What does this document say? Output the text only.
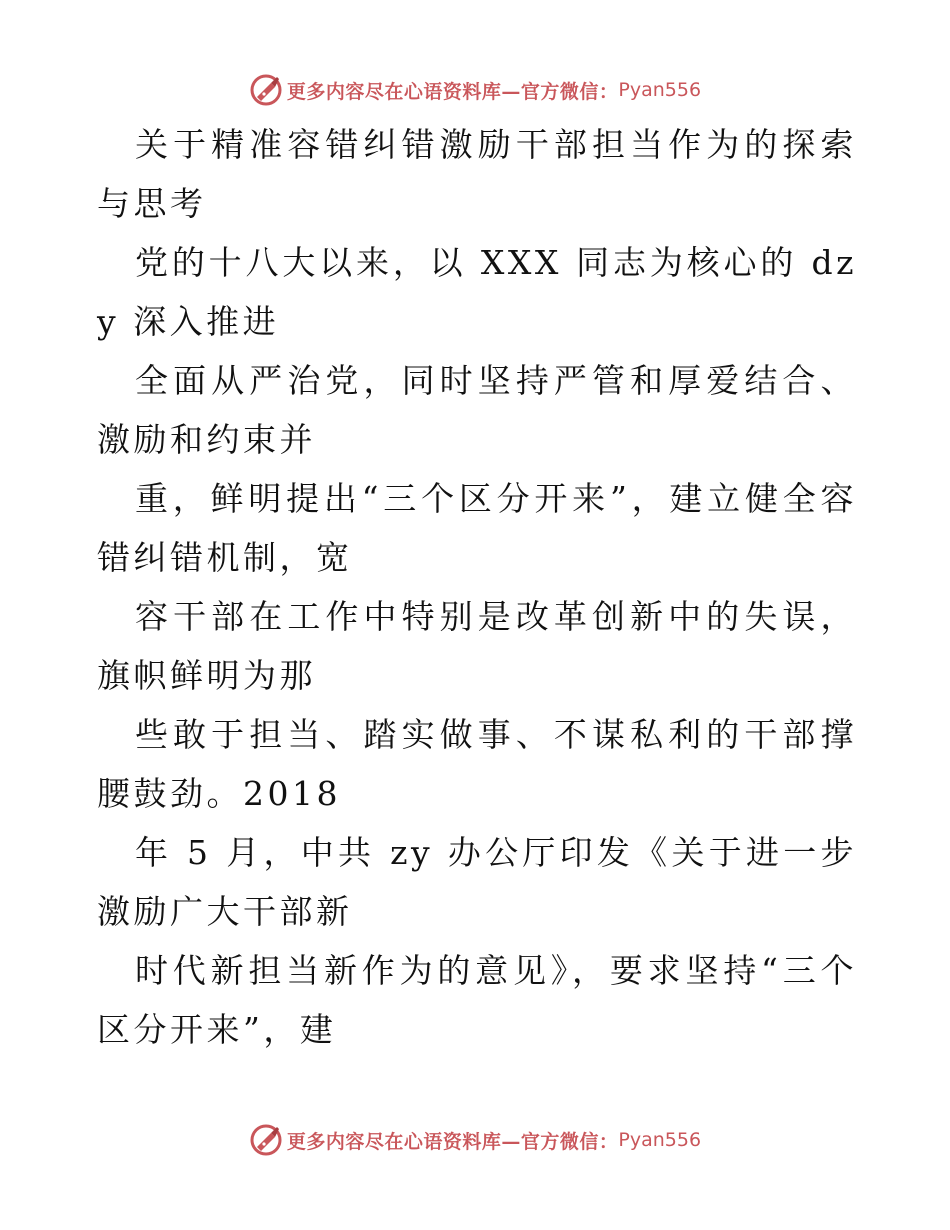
更多内容尽在心语资料库—官方微信： Pyan556

关于精准容错纠错激励干部担当作为的探索与思考

党的十八大以来，以 XXX 同志为核心的 dzy 深入推进

全面从严治党，同时坚持严管和厚爱结合、激励和约束并

重，鲜明提出“三个区分开来”，建立健全容错纠错机制，宽

容干部在工作中特别是改革创新中的失误，旗帜鲜明为那

些敢于担当、踏实做事、不谋私利的干部撑腰鼓劲。2018

年 5 月，中共 zy 办公厅印发《关于进一步激励广大干部新

时代新担当新作为的意见》，要求坚持“三个区分开来”，建

更多内容尽在心语资料库—官方微信： Pyan556
